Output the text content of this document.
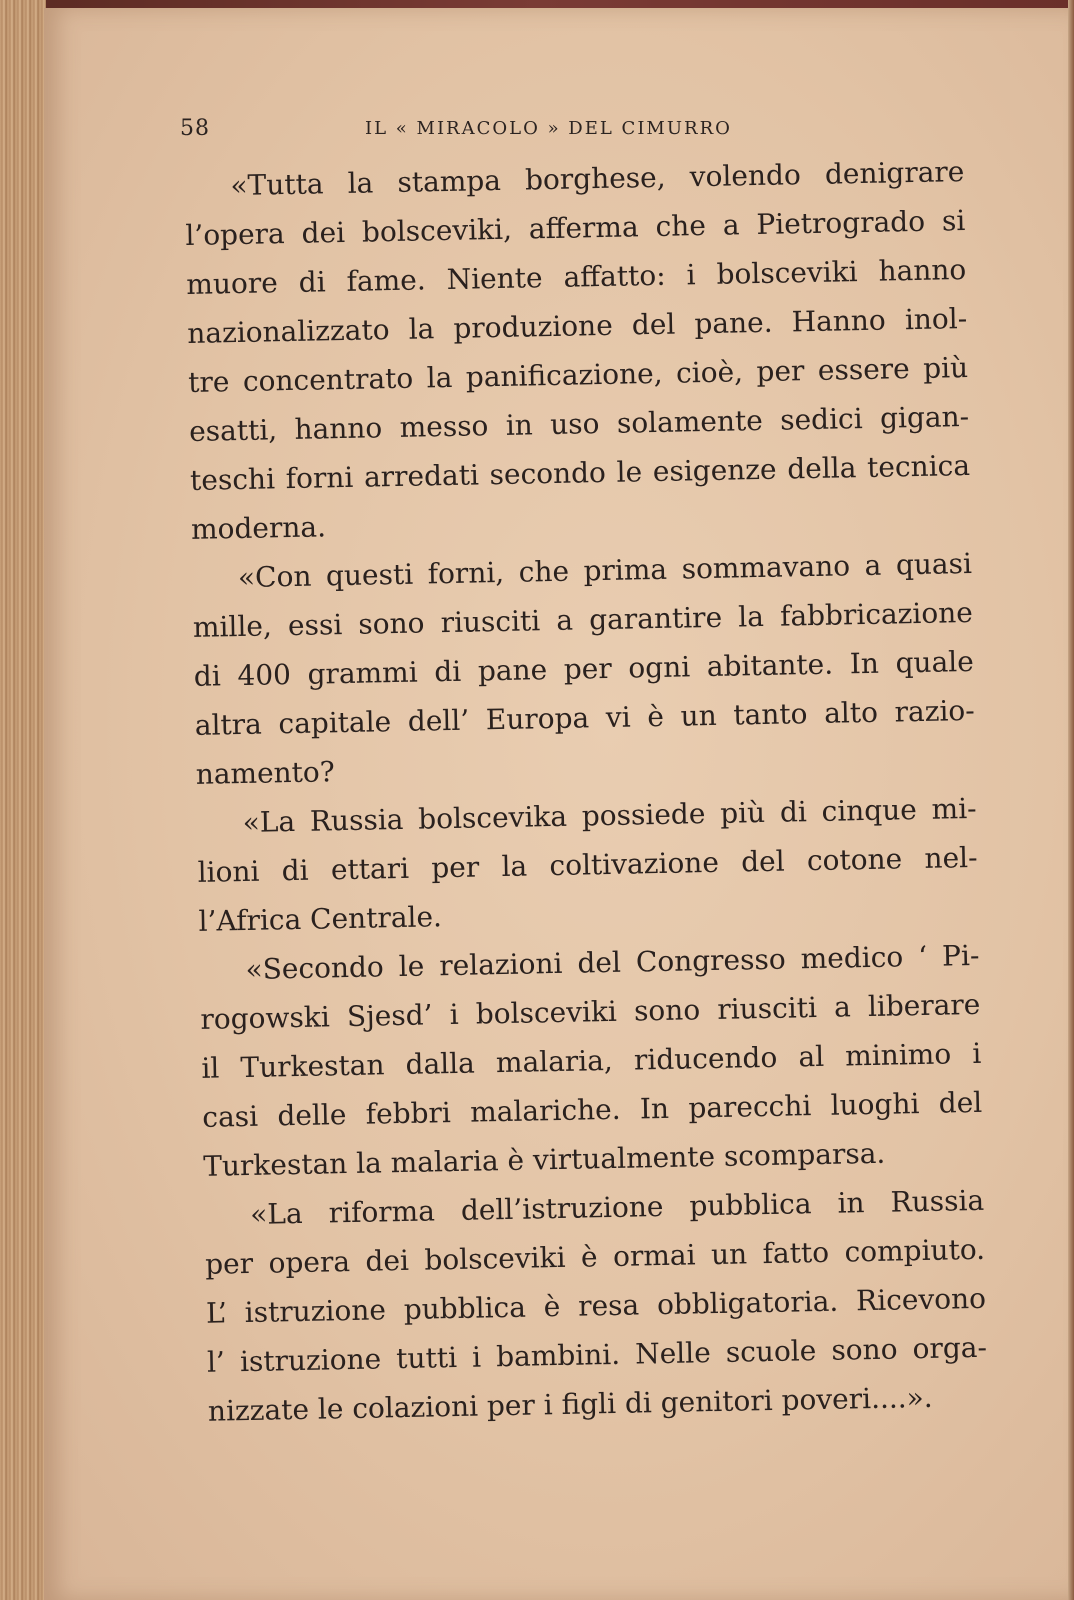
58	IL « MIRACOLO » DEL CIMURRO
«Tutta la stampa borghese, volendo denigrare
l’opera dei bolsceviki, afferma che a Pietrogrado si
muore di fame. Niente affatto: i bolsceviki hanno
nazionalizzato la produzione del pane. Hanno inol-
tre concentrato la panificazione, cioè, per essere più
esatti, hanno messo in uso solamente sedici gigan-
teschi forni arredati secondo le esigenze della tecnica
moderna.
«Con questi forni, che prima sommavano a quasi
mille, essi sono riusciti a garantire la fabbricazione
di 400 grammi di pane per ogni abitante. In quale
altra capitale dell’ Europa vi è un tanto alto razio-
namento?
«La Russia bolscevika possiede più di cinque mi-
lioni di ettari per la coltivazione del cotone nel-
l’Africa Centrale.
«Secondo le relazioni del Congresso medico ‘ Pi-
rogowski Sjesd’ i bolsceviki sono riusciti a liberare
il Turkestan dalla malaria, riducendo al minimo i
casi delle febbri malariche. In parecchi luoghi del
Turkestan la malaria è virtualmente scomparsa.
«La riforma dell’istruzione pubblica in Russia
per opera dei bolsceviki è ormai un fatto compiuto.
L’ istruzione pubblica è resa obbligatoria. Ricevono
l’ istruzione tutti i bambini. Nelle scuole sono orga-
nizzate le colazioni per i figli di genitori poveri....».
